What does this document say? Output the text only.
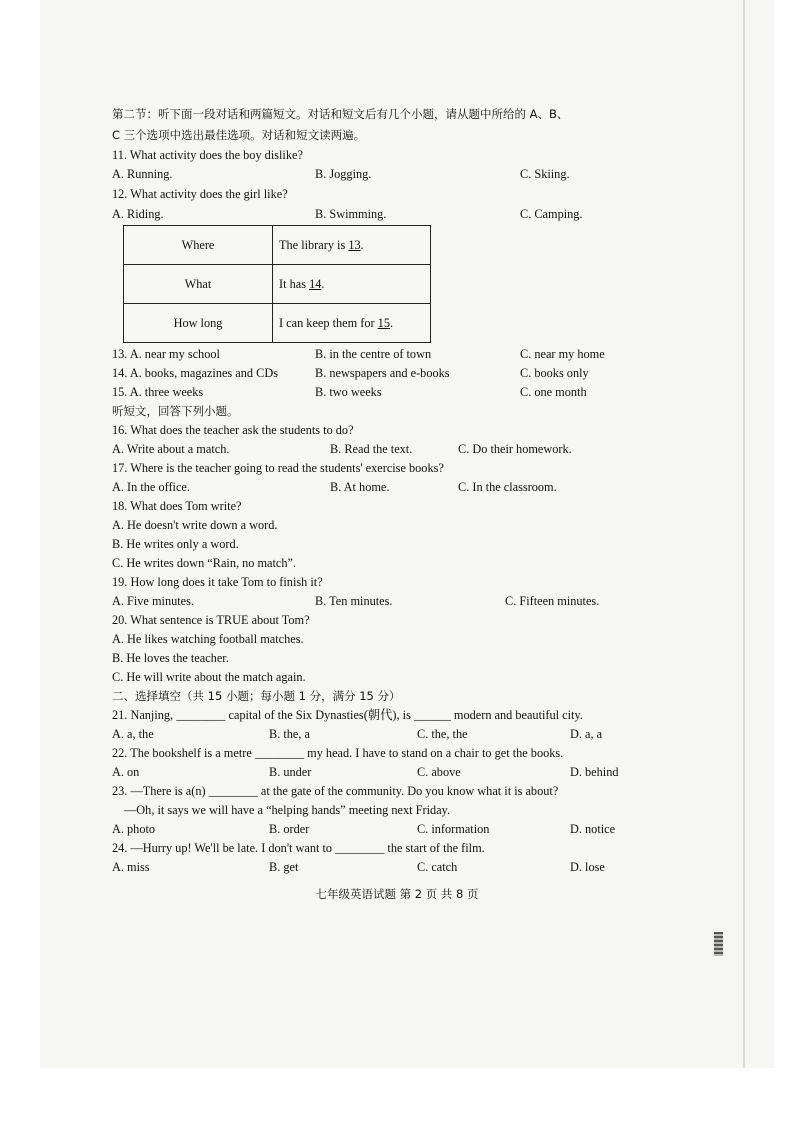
第二节：听下面一段对话和两篇短文。对话和短文后有几个小题，请从题中所给的 A、B、
C 三个选项中选出最佳选项。对话和短文读两遍。
11. What activity does the boy dislike?
A. Running.	B. Jogging.	C. Skiing.
12. What activity does the girl like?
A. Riding.	B. Swimming.	C. Camping.
Where	The library is 13.
What	It has 14.
How long	I can keep them for 15.
13. A. near my school	B. in the centre of town	C. near my home
14. A. books, magazines and CDs	B. newspapers and e-books	C. books only
15. A. three weeks	B. two weeks	C. one month
听短文，回答下列小题。
16. What does the teacher ask the students to do?
A. Write about a match.	B. Read the text.	C. Do their homework.
17. Where is the teacher going to read the students' exercise books?
A. In the office.	B. At home.	C. In the classroom.
18. What does Tom write?
A. He doesn't write down a word.
B. He writes only a word.
C. He writes down “Rain, no match”.
19. How long does it take Tom to finish it?
A. Five minutes.	B. Ten minutes.	C. Fifteen minutes.
20. What sentence is TRUE about Tom?
A. He likes watching football matches.
B. He loves the teacher.
C. He will write about the match again.
二、选择填空（共 15 小题；每小题 1 分，满分 15 分）
21. Nanjing, ________ capital of the Six Dynasties(朝代), is ______ modern and beautiful city.
A. a, the	B. the, a	C. the, the	D. a, a
22. The bookshelf is a metre ________ my head. I have to stand on a chair to get the books.
A. on	B. under	C. above	D. behind
23. —There is a(n) ________ at the gate of the community. Do you know what it is about?
—Oh, it says we will have a “helping hands” meeting next Friday.
A. photo	B. order	C. information	D. notice
24. —Hurry up! We'll be late. I don't want to ________ the start of the film.
A. miss	B. get	C. catch	D. lose
七年级英语试题 第 2 页 共 8 页
